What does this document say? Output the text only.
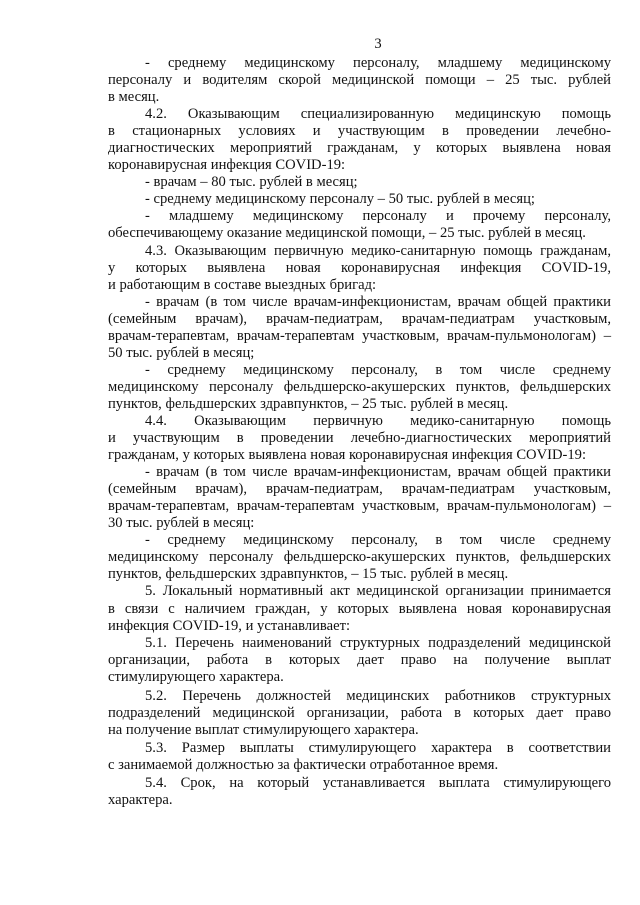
3
- среднему медицинскому персоналу, младшему медицинскому
персоналу и водителям скорой медицинской помощи – 25 тыс. рублей
в месяц.
4.2. Оказывающим специализированную медицинскую помощь
в стационарных условиях и участвующим в проведении лечебно-
диагностических мероприятий гражданам, у которых выявлена новая
коронавирусная инфекция COVID-19:
- врачам – 80 тыс. рублей в месяц;
- среднему медицинскому персоналу – 50 тыс. рублей в месяц;
- младшему медицинскому персоналу и прочему персоналу,
обеспечивающему оказание медицинской помощи, – 25 тыс. рублей в месяц.
4.3. Оказывающим первичную медико-санитарную помощь гражданам,
у которых выявлена новая коронавирусная инфекция COVID-19,
и работающим в составе выездных бригад:
- врачам (в том числе врачам-инфекционистам, врачам общей практики
(семейным врачам), врачам-педиатрам, врачам-педиатрам участковым,
врачам-терапевтам, врачам-терапевтам участковым, врачам-пульмонологам) –
50 тыс. рублей в месяц;
- среднему медицинскому персоналу, в том числе среднему
медицинскому персоналу фельдшерско-акушерских пунктов, фельдшерских
пунктов, фельдшерских здравпунктов, – 25 тыс. рублей в месяц.
4.4. Оказывающим первичную медико-санитарную помощь
и участвующим в проведении лечебно-диагностических мероприятий
гражданам, у которых выявлена новая коронавирусная инфекция COVID-19:
- врачам (в том числе врачам-инфекционистам, врачам общей практики
(семейным врачам), врачам-педиатрам, врачам-педиатрам участковым,
врачам-терапевтам, врачам-терапевтам участковым, врачам-пульмонологам) –
30 тыс. рублей в месяц:
- среднему медицинскому персоналу, в том числе среднему
медицинскому персоналу фельдшерско-акушерских пунктов, фельдшерских
пунктов, фельдшерских здравпунктов, – 15 тыс. рублей в месяц.
5. Локальный нормативный акт медицинской организации принимается
в связи с наличием граждан, у которых выявлена новая коронавирусная
инфекция COVID-19, и устанавливает:
5.1. Перечень наименований структурных подразделений медицинской
организации, работа в которых дает право на получение выплат
стимулирующего характера.
5.2. Перечень должностей медицинских работников структурных
подразделений медицинской организации, работа в которых дает право
на получение выплат стимулирующего характера.
5.3. Размер выплаты стимулирующего характера в соответствии
с занимаемой должностью за фактически отработанное время.
5.4. Срок, на который устанавливается выплата стимулирующего
характера.
